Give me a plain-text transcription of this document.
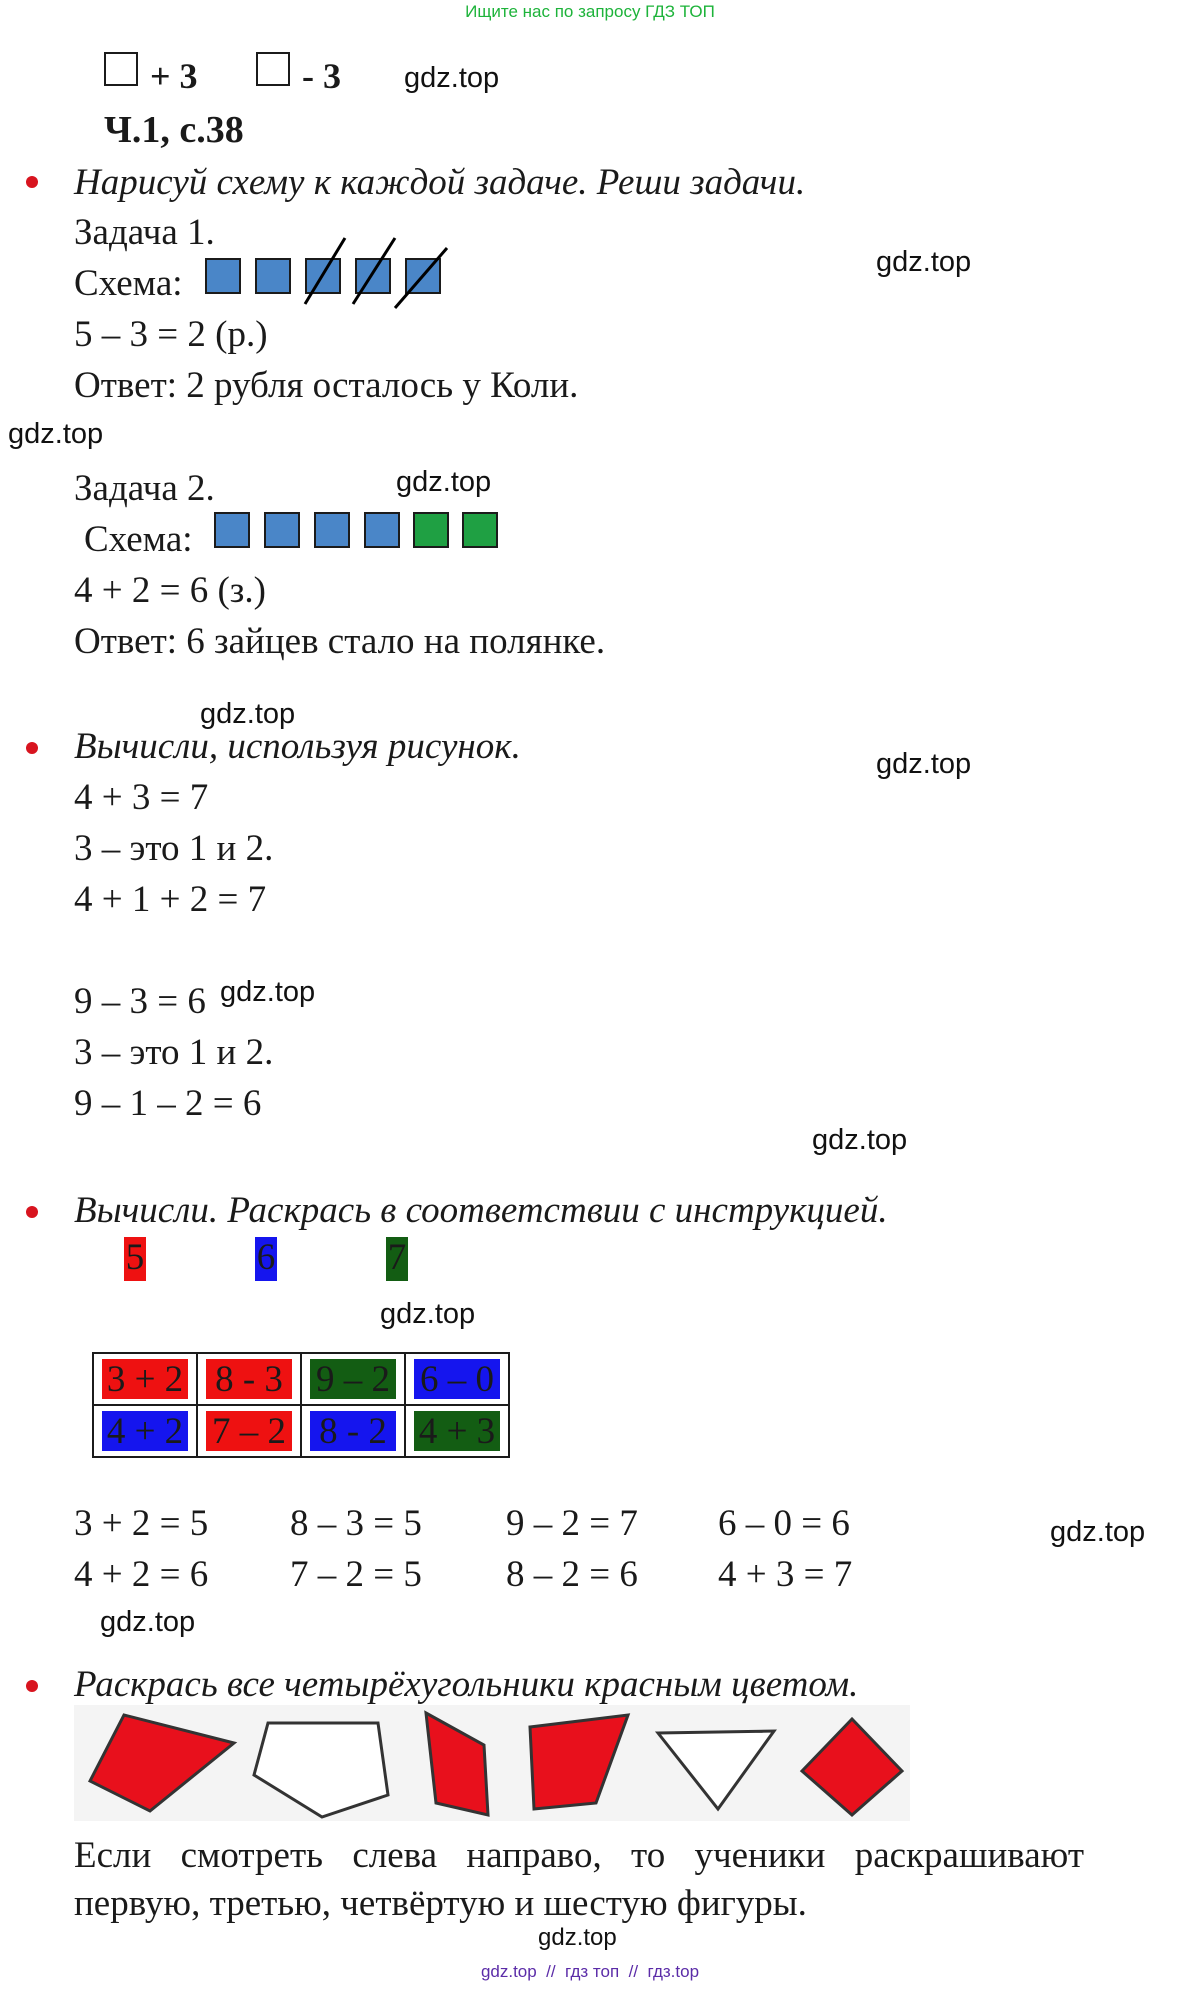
Ищите нас по запросу ГДЗ ТОП
+ 3	- 3 gdz.top
Ч.1, с.38
Нарисуй схему к каждой задаче. Реши задачи.
Задача 1.
gdz.top
Схема:
5 – 3 = 2 (р.)
Ответ: 2 рубля осталось у Коли.
gdz.top
Задача 2.	gdz.top
Схема:
4 + 2 = 6 (з.)
Ответ: 6 зайцев стало на полянке.
gdz.top
Вычисли, используя рисунок.	gdz.top
4 + 3 = 7
3 – это 1 и 2.
4 + 1 + 2 = 7
9 – 3 = 6 gdz.top
3 – это 1 и 2.
9 – 1 – 2 = 6
gdz.top
Вычисли. Раскрась в соответствии с инструкцией.
5	6	7
gdz.top
3 + 2	8 - 3	9 – 2	6 – 0

4 + 2	7 – 2	8 - 2	4 + 3
3 + 2 = 5 8 – 3 = 5 9 – 2 = 7 6 – 0 = 6	gdz.top
4 + 2 = 6 7 – 2 = 5 8 – 2 = 6 4 + 3 = 7
gdz.top
Раскрась все четырёхугольники красным цветом.
Если смотреть слева направо, то ученики раскрашивают
первую, третью, четвёртую и шестую фигуры.
gdz.top
gdz.top  //  гдз топ  //  гдз.top
